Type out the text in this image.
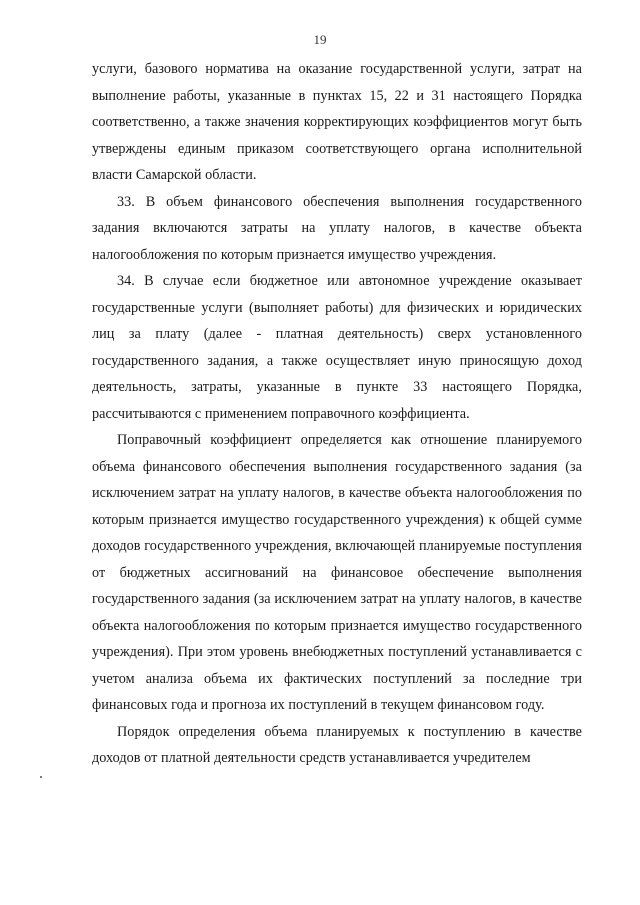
19

услуги, базового норматива на оказание государственной услуги, затрат на выполнение работы, указанные в пунктах 15, 22 и 31 настоящего Порядка соответственно, а также значения корректирующих коэффициентов могут быть утверждены единым приказом соответствующего органа исполнительной власти Самарской области.

33. В объем финансового обеспечения выполнения государственного задания включаются затраты на уплату налогов, в качестве объекта налогообложения по которым признается имущество учреждения.

34. В случае если бюджетное или автономное учреждение оказывает государственные услуги (выполняет работы) для физических и юридических лиц за плату (далее - платная деятельность) сверх установленного государственного задания, а также осуществляет иную приносящую доход деятельность, затраты, указанные в пункте 33 настоящего Порядка, рассчитываются с применением поправочного коэффициента.

Поправочный коэффициент определяется как отношение планируемого объема финансового обеспечения выполнения государственного задания (за исключением затрат на уплату налогов, в качестве объекта налогообложения по которым признается имущество государственного учреждения) к общей сумме доходов государственного учреждения, включающей планируемые поступления от бюджетных ассигнований на финансовое обеспечение выполнения государственного задания (за исключением затрат на уплату налогов, в качестве объекта налогообложения по которым признается имущество государственного учреждения). При этом уровень внебюджетных поступлений устанавливается с учетом анализа объема их фактических поступлений за последние три финансовых года и прогноза их поступлений в текущем финансовом году.

Порядок определения объема планируемых к поступлению в качестве доходов от платной деятельности средств устанавливается учредителем
